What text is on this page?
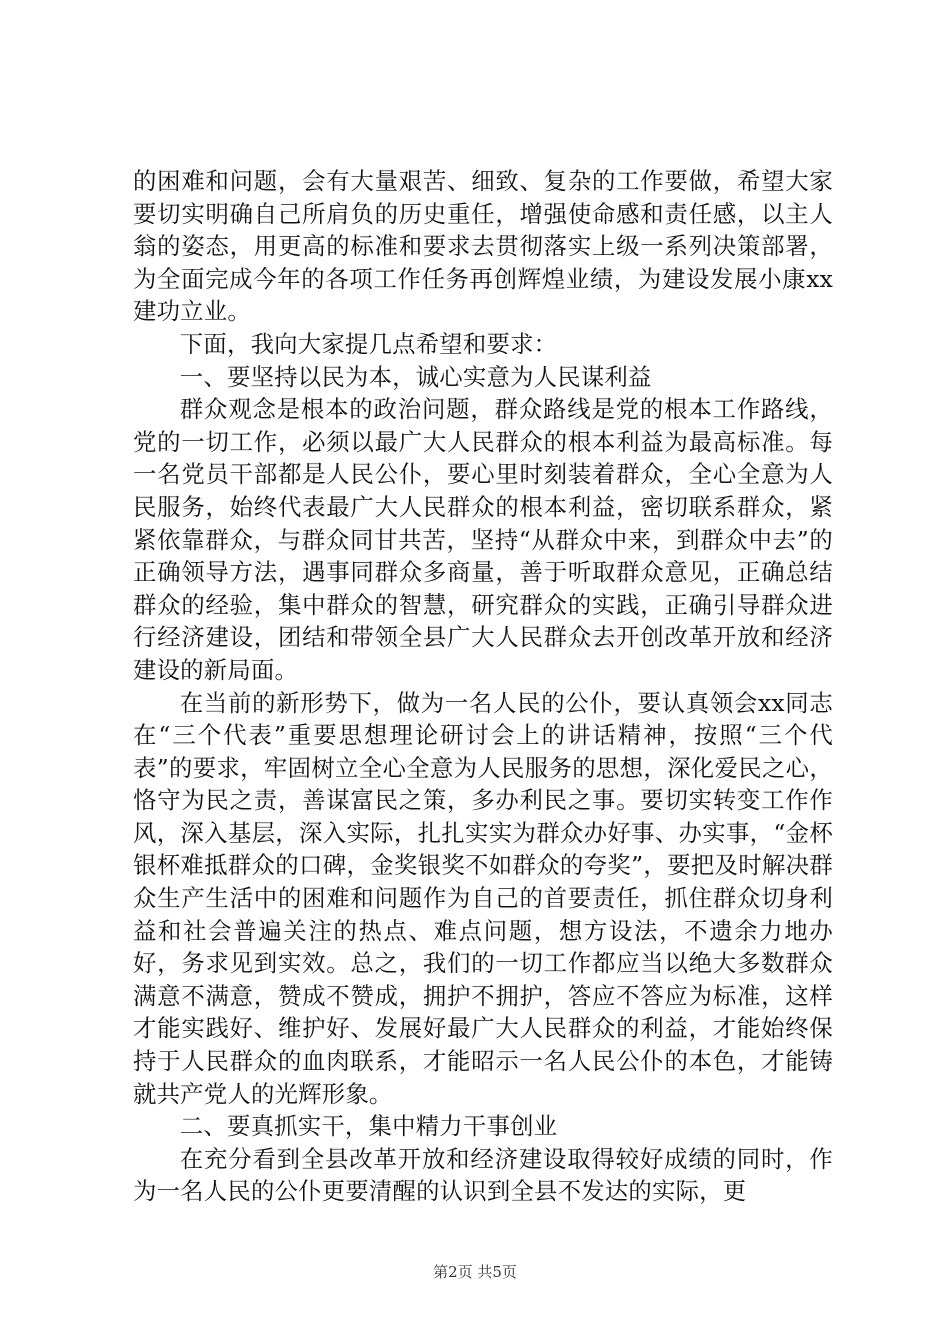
的困难和问题，会有大量艰苦、细致、复杂的工作要做，希望大家要切实明确自己所肩负的历史重任，增强使命感和责任感，以主人翁的姿态，用更高的标准和要求去贯彻落实上级一系列决策部署，为全面完成今年的各项工作任务再创辉煌业绩，为建设发展小康xx建功立业。

下面，我向大家提几点希望和要求：

一、要坚持以民为本，诚心实意为人民谋利益

群众观念是根本的政治问题，群众路线是党的根本工作路线，党的一切工作，必须以最广大人民群众的根本利益为最高标准。每一名党员干部都是人民公仆，要心里时刻装着群众，全心全意为人民服务，始终代表最广大人民群众的根本利益，密切联系群众，紧紧依靠群众，与群众同甘共苦，坚持“从群众中来，到群众中去”的正确领导方法，遇事同群众多商量，善于听取群众意见，正确总结群众的经验，集中群众的智慧，研究群众的实践，正确引导群众进行经济建设，团结和带领全县广大人民群众去开创改革开放和经济建设的新局面。

在当前的新形势下，做为一名人民的公仆，要认真领会xx同志在“三个代表”重要思想理论研讨会上的讲话精神，按照“三个代表”的要求，牢固树立全心全意为人民服务的思想，深化爱民之心，恪守为民之责，善谋富民之策，多办利民之事。要切实转变工作作风，深入基层，深入实际，扎扎实实为群众办好事、办实事，“金杯银杯难抵群众的口碑，金奖银奖不如群众的夸奖”，要把及时解决群众生产生活中的困难和问题作为自己的首要责任，抓住群众切身利益和社会普遍关注的热点、难点问题，想方设法，不遗余力地办好，务求见到实效。总之，我们的一切工作都应当以绝大多数群众满意不满意，赞成不赞成，拥护不拥护，答应不答应为标准，这样才能实践好、维护好、发展好最广大人民群众的利益，才能始终保持于人民群众的血肉联系，才能昭示一名人民公仆的本色，才能铸就共产党人的光辉形象。

二、要真抓实干，集中精力干事创业

在充分看到全县改革开放和经济建设取得较好成绩的同时，作为一名人民的公仆更要清醒的认识到全县不发达的实际，更

第2页 共5页
